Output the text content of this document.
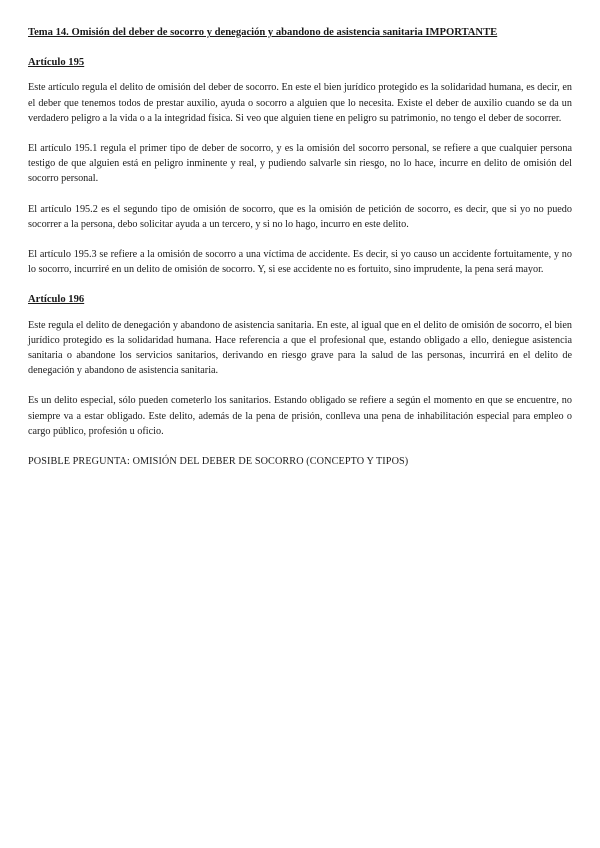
Tema 14. Omisión del deber de socorro y denegación y abandono de asistencia sanitaria IMPORTANTE
Artículo 195

Este artículo regula el delito de omisión del deber de socorro. En este el bien jurídico protegido es la solidaridad humana, es decir, en el deber que tenemos todos de prestar auxilio, ayuda o socorro a alguien que lo necesita. Existe el deber de auxilio cuando se da un verdadero peligro a la vida o a la integridad física. Si veo que alguien tiene en peligro su patrimonio, no tengo el deber de socorrer.

El artículo 195.1 regula el primer tipo de deber de socorro, y es la omisión del socorro personal, se refiere a que cualquier persona testigo de que alguien está en peligro inminente y real, y pudiendo salvarle sin riesgo, no lo hace, incurre en delito de omisión del socorro personal.

El artículo 195.2 es el segundo tipo de omisión de socorro, que es la omisión de petición de socorro, es decir, que si yo no puedo socorrer a la persona, debo solicitar ayuda a un tercero, y si no lo hago, incurro en este delito.

El artículo 195.3 se refiere a la omisión de socorro a una víctima de accidente. Es decir, si yo causo un accidente fortuitamente, y no lo socorro, incurriré en un delito de omisión de socorro. Y, si ese accidente no es fortuito, sino imprudente, la pena será mayor.

Artículo 196

Este regula el delito de denegación y abandono de asistencia sanitaria. En este, al igual que en el delito de omisión de socorro, el bien jurídico protegido es la solidaridad humana. Hace referencia a que el profesional que, estando obligado a ello, deniegue asistencia sanitaria o abandone los servicios sanitarios, derivando en riesgo grave para la salud de las personas, incurrirá en el delito de denegación y abandono de asistencia sanitaria.

Es un delito especial, sólo pueden cometerlo los sanitarios. Estando obligado se refiere a según el momento en que se encuentre, no siempre va a estar obligado. Este delito, además de la pena de prisión, conlleva una pena de inhabilitación especial para empleo o cargo público, profesión u oficio.

POSIBLE PREGUNTA: OMISIÓN DEL DEBER DE SOCORRO (CONCEPTO Y TIPOS)
